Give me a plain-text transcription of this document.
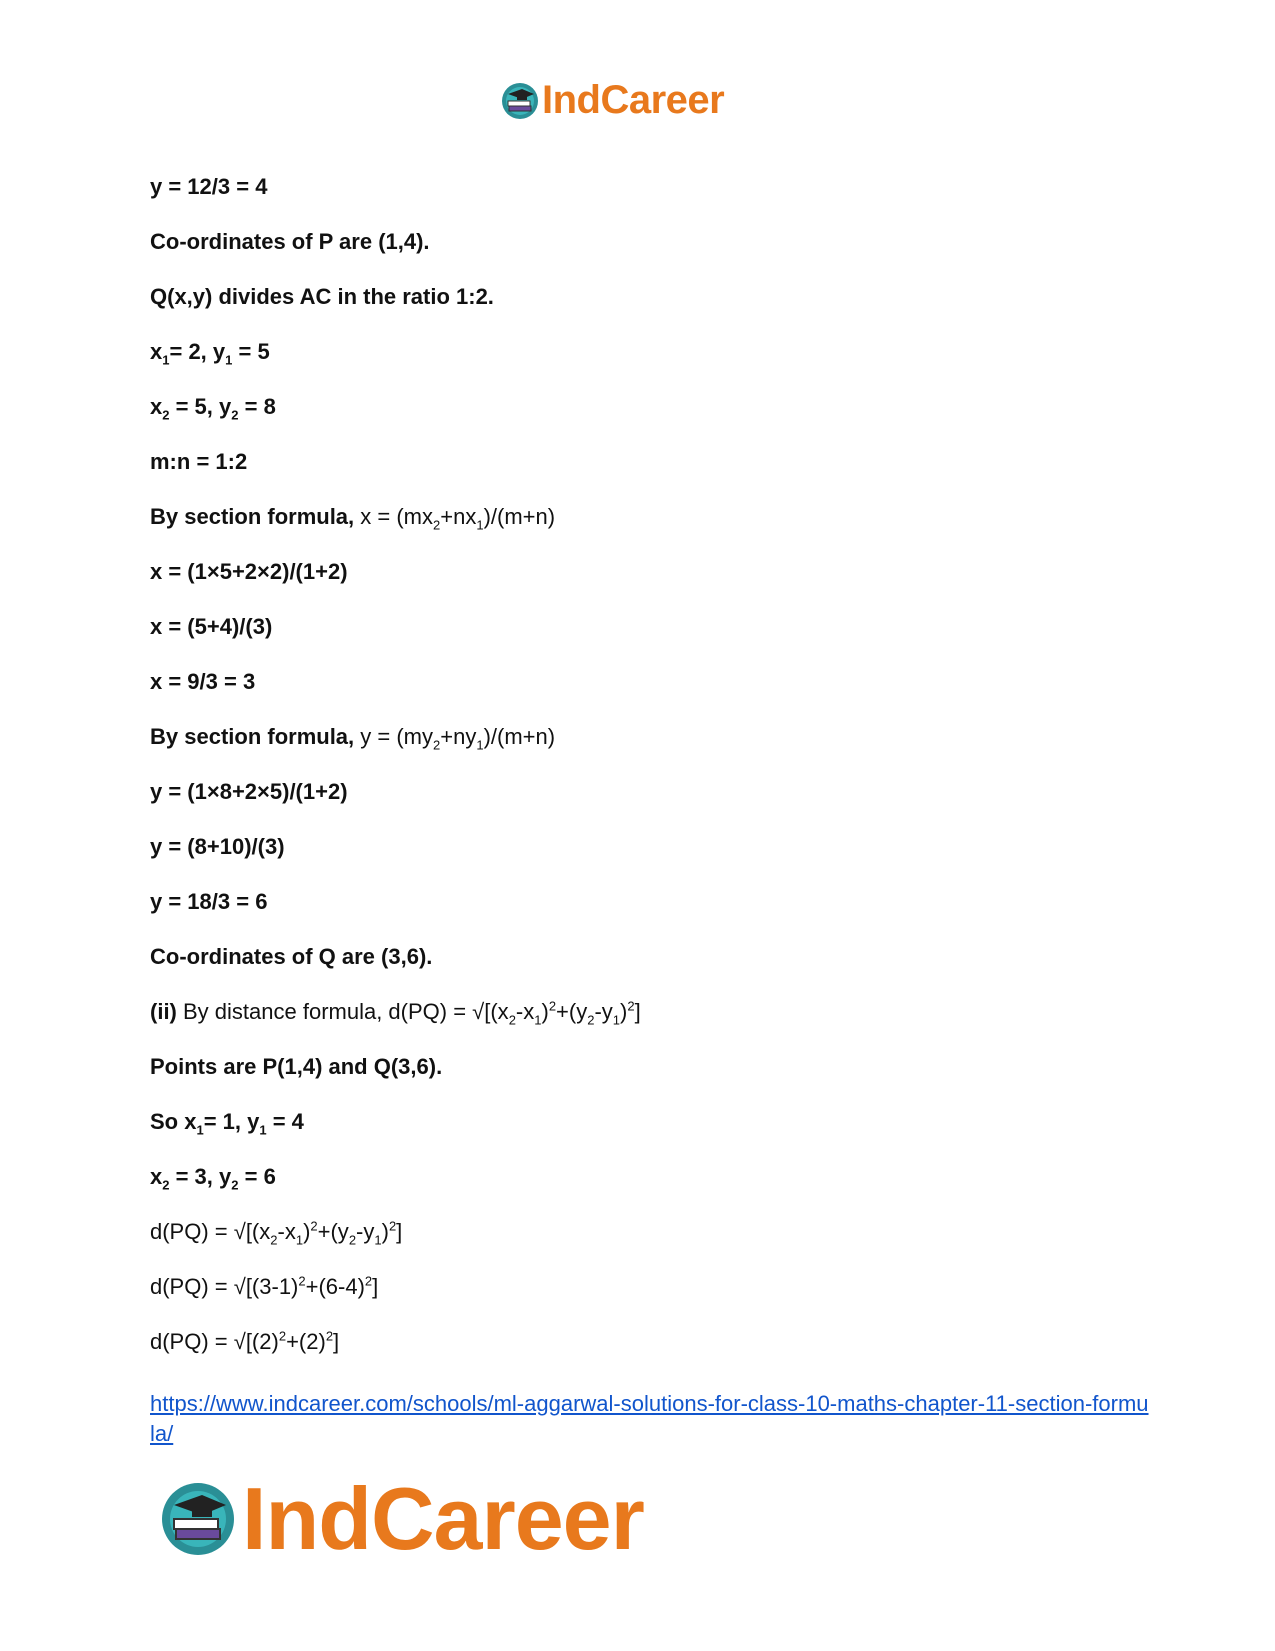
IndCareer

y = 12/3 = 4

Co-ordinates of P are (1,4).

Q(x,y) divides AC in the ratio 1:2.

$x_1= 2$, $y_1 = 5$

$x_2 = 5$, $y_2 = 8$

m:n = 1:2

By section formula, $x = (mx_2+nx_1)/(m+n)$

x = (1×5+2×2)/(1+2)

x = (5+4)/(3)

x = 9/3 = 3

By section formula, $y = (my_2+ny_1)/(m+n)$

y = (1×8+2×5)/(1+2)

y = (8+10)/(3)

y = 18/3 = 6

Co-ordinates of Q are (3,6).

(ii) By distance formula, $d(PQ) = √[(x_2-x_1)^2+(y_2-y_1)^2]$

Points are P(1,4) and Q(3,6).

So $x_1= 1$, $y_1 = 4$

$x_2 = 3$, $y_2 = 6$

$d(PQ) = √[(x_2-x_1)^2+(y_2-y_1)^2]$

$d(PQ) = √[(3-1)^2+(6-4)^2]$

$d(PQ) = √[(2)^2+(2)^2]$

https://www.indcareer.com/schools/ml-aggarwal-solutions-for-class-10-maths-chapter-11-section-formula/
IndCareer
